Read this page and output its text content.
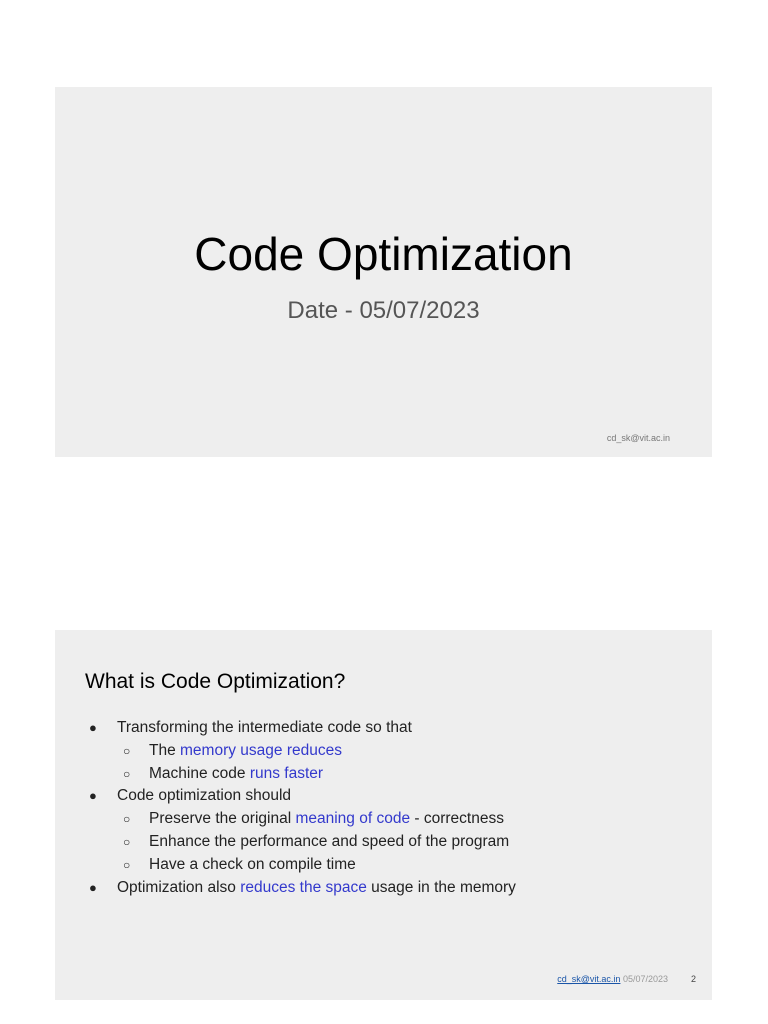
Code Optimization
Date - 05/07/2023
cd_sk@vit.ac.in
What is Code Optimization?
● Transforming the intermediate code so that
○ The memory usage reduces
○ Machine code runs faster
● Code optimization should
○ Preserve the original meaning of code - correctness
○ Enhance the performance and speed of the program
○ Have a check on compile time
● Optimization also reduces the space usage in the memory
cd_sk@vit.ac.in 05/07/2023	2
